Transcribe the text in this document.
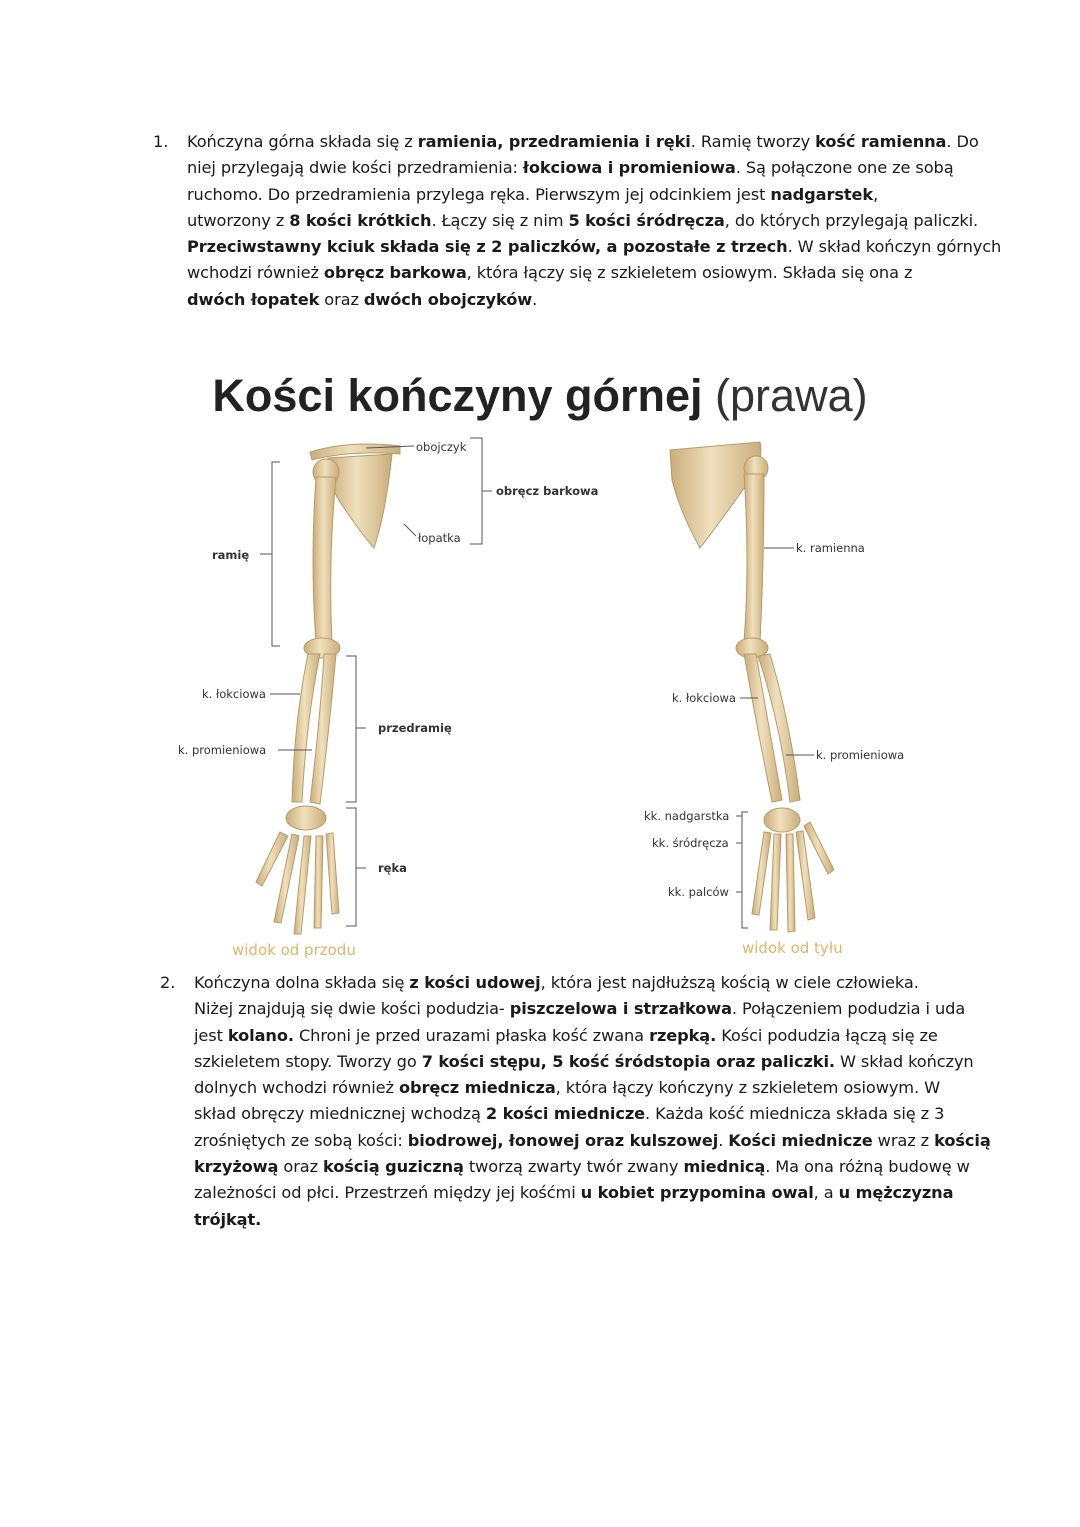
1. Kończyna górna składa się z ramienia, przedramienia i ręki. Ramię tworzy kość ramienna. Do
niej przylegają dwie kości przedramienia: łokciowa i promieniowa. Są połączone one ze sobą
ruchomo. Do przedramienia przylega ręka. Pierwszym jej odcinkiem jest nadgarstek,
utworzony z 8 kości krótkich. Łączy się z nim 5 kości śródręcza, do których przylegają paliczki.
Przeciwstawny kciuk składa się z 2 paliczków, a pozostałe z trzech. W skład kończyn górnych
wchodzi również obręcz barkowa, która łączy się z szkieletem osiowym. Składa się ona z
dwóch łopatek oraz dwóch obojczyków.
Kości kończyny górnej (prawa)
obojczyk
obręcz barkowa
łopatka
ramię
k. łokciowa
k. promieniowa
przedramię
ręka
widok od przodu
k. ramienna
k. łokciowa
k. promieniowa
kk. nadgarstka
kk. śródręcza
kk. palców
widok od tyłu
2. Kończyna dolna składa się z kości udowej, która jest najdłuższą kością w ciele człowieka.
Niżej znajdują się dwie kości podudzia- piszczelowa i strzałkowa. Połączeniem podudzia i uda
jest kolano. Chroni je przed urazami płaska kość zwana rzepką. Kości podudzia łączą się ze
szkieletem stopy. Tworzy go 7 kości stępu, 5 kość śródstopia oraz paliczki. W skład kończyn
dolnych wchodzi również obręcz miednicza, która łączy kończyny z szkieletem osiowym. W
skład obręczy miednicznej wchodzą 2 kości miednicze. Każda kość miednicza składa się z 3
zrośniętych ze sobą kości: biodrowej, łonowej oraz kulszowej. Kości miednicze wraz z kością
krzyżową oraz kością guziczną tworzą zwarty twór zwany miednicą. Ma ona różną budowę w
zależności od płci. Przestrzeń między jej kośćmi u kobiet przypomina owal, a u mężczyzna
trójkąt.
